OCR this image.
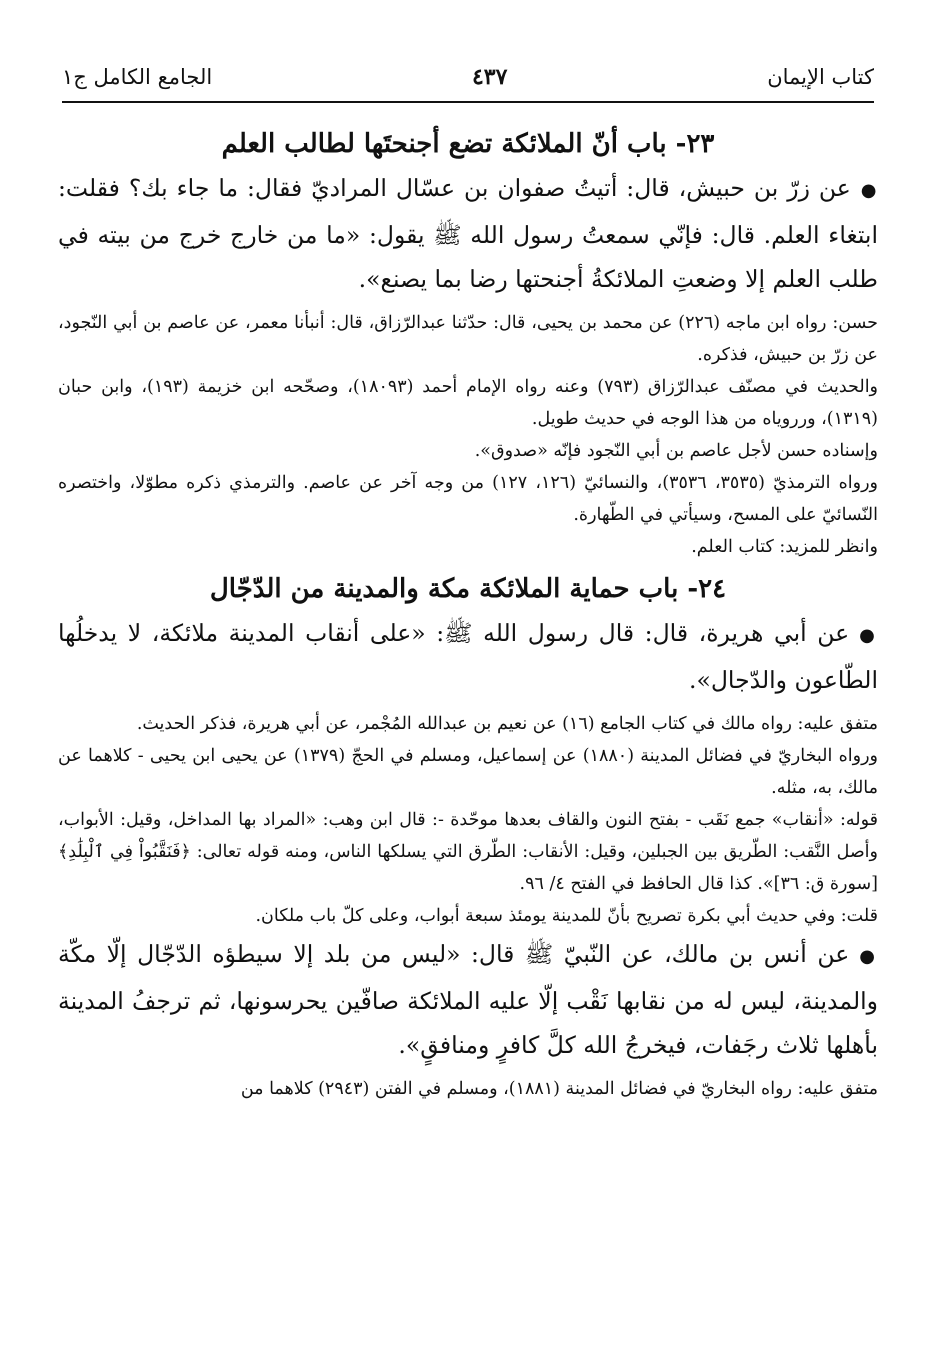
كتاب الإيمان
٤٣٧
الجامع الكامل ج١
٢٣- باب أنّ الملائكة تضع أجنحتَها لطالب العلم

●عن زرّ بن حبيش، قال: أتيتُ صفوان بن عسّال المراديّ فقال: ما جاء بك؟ فقلت: ابتغاء العلم. قال: فإنّي سمعتُ رسول الله ﷺ يقول: «ما من خارج خرج من بيته في طلب العلم إلا وضعتِ الملائكةُ أجنحتها رضا بما يصنع».

حسن: رواه ابن ماجه (٢٢٦) عن محمد بن يحيى، قال: حدّثنا عبدالرّزاق، قال: أنبأنا معمر، عن عاصم بن أبي النّجود، عن زرّ بن حبيش، فذكره.

والحديث في مصنّف عبدالرّزاق (٧٩٣) وعنه رواه الإمام أحمد (١٨٠٩٣)، وصحّحه ابن خزيمة (١٩٣)، وابن حبان (١٣١٩)، ورروياه من هذا الوجه في حديث طويل.

وإسناده حسن لأجل عاصم بن أبي النّجود فإنّه «صدوق».

ورواه الترمذيّ (٣٥٣٥، ٣٥٣٦)، والنسائيّ (١٢٦، ١٢٧) من وجه آخر عن عاصم. والترمذي ذكره مطوّلا، واختصره النّسائيّ على المسح، وسيأتي في الطّهارة.

وانظر للمزيد: كتاب العلم.

٢٤- باب حماية الملائكة مكة والمدينة من الدّجّال

●عن أبي هريرة، قال: قال رسول الله ﷺ: «على أنقاب المدينة ملائكة، لا يدخلُها الطّاعون والدّجال».

متفق عليه: رواه مالك في كتاب الجامع (١٦) عن نعيم بن عبدالله المُجْمر، عن أبي هريرة، فذكر الحديث.

ورواه البخاريّ في فضائل المدينة (١٨٨٠) عن إسماعيل، ومسلم في الحجّ (١٣٧٩) عن يحيى ابن يحيى - كلاهما عن مالك، به، مثله.

قوله: «أنقاب» جمع نَقَب - بفتح النون والقاف بعدها موحّدة -: قال ابن وهب: «المراد بها المداخل، وقيل: الأبواب، وأصل النَّقب: الطّريق بين الجبلين، وقيل: الأنقاب: الطّرق التي يسلكها الناس، ومنه قوله تعالى: ﴿فَنَقَّبُواْ فِي ٱلْبِلَٰدِ﴾ [سورة ق: ٣٦]». كذا قال الحافظ في الفتح ٤/ ٩٦.

قلت: وفي حديث أبي بكرة تصريح بأنّ للمدينة يومئذ سبعة أبواب، وعلى كلّ باب ملكان.

●عن أنس بن مالك، عن النّبيّ ﷺ قال: «ليس من بلد إلا سيطؤه الدّجّال إلّا مكّة والمدينة، ليس له من نقابها نَقْب إلّا عليه الملائكة صافّين يحرسونها، ثم ترجفُ المدينة بأهلها ثلاث رجَفات، فيخرجُ الله كلَّ كافرٍ ومنافقٍ».

متفق عليه: رواه البخاريّ في فضائل المدينة (١٨٨١)، ومسلم في الفتن (٢٩٤٣) كلاهما من
